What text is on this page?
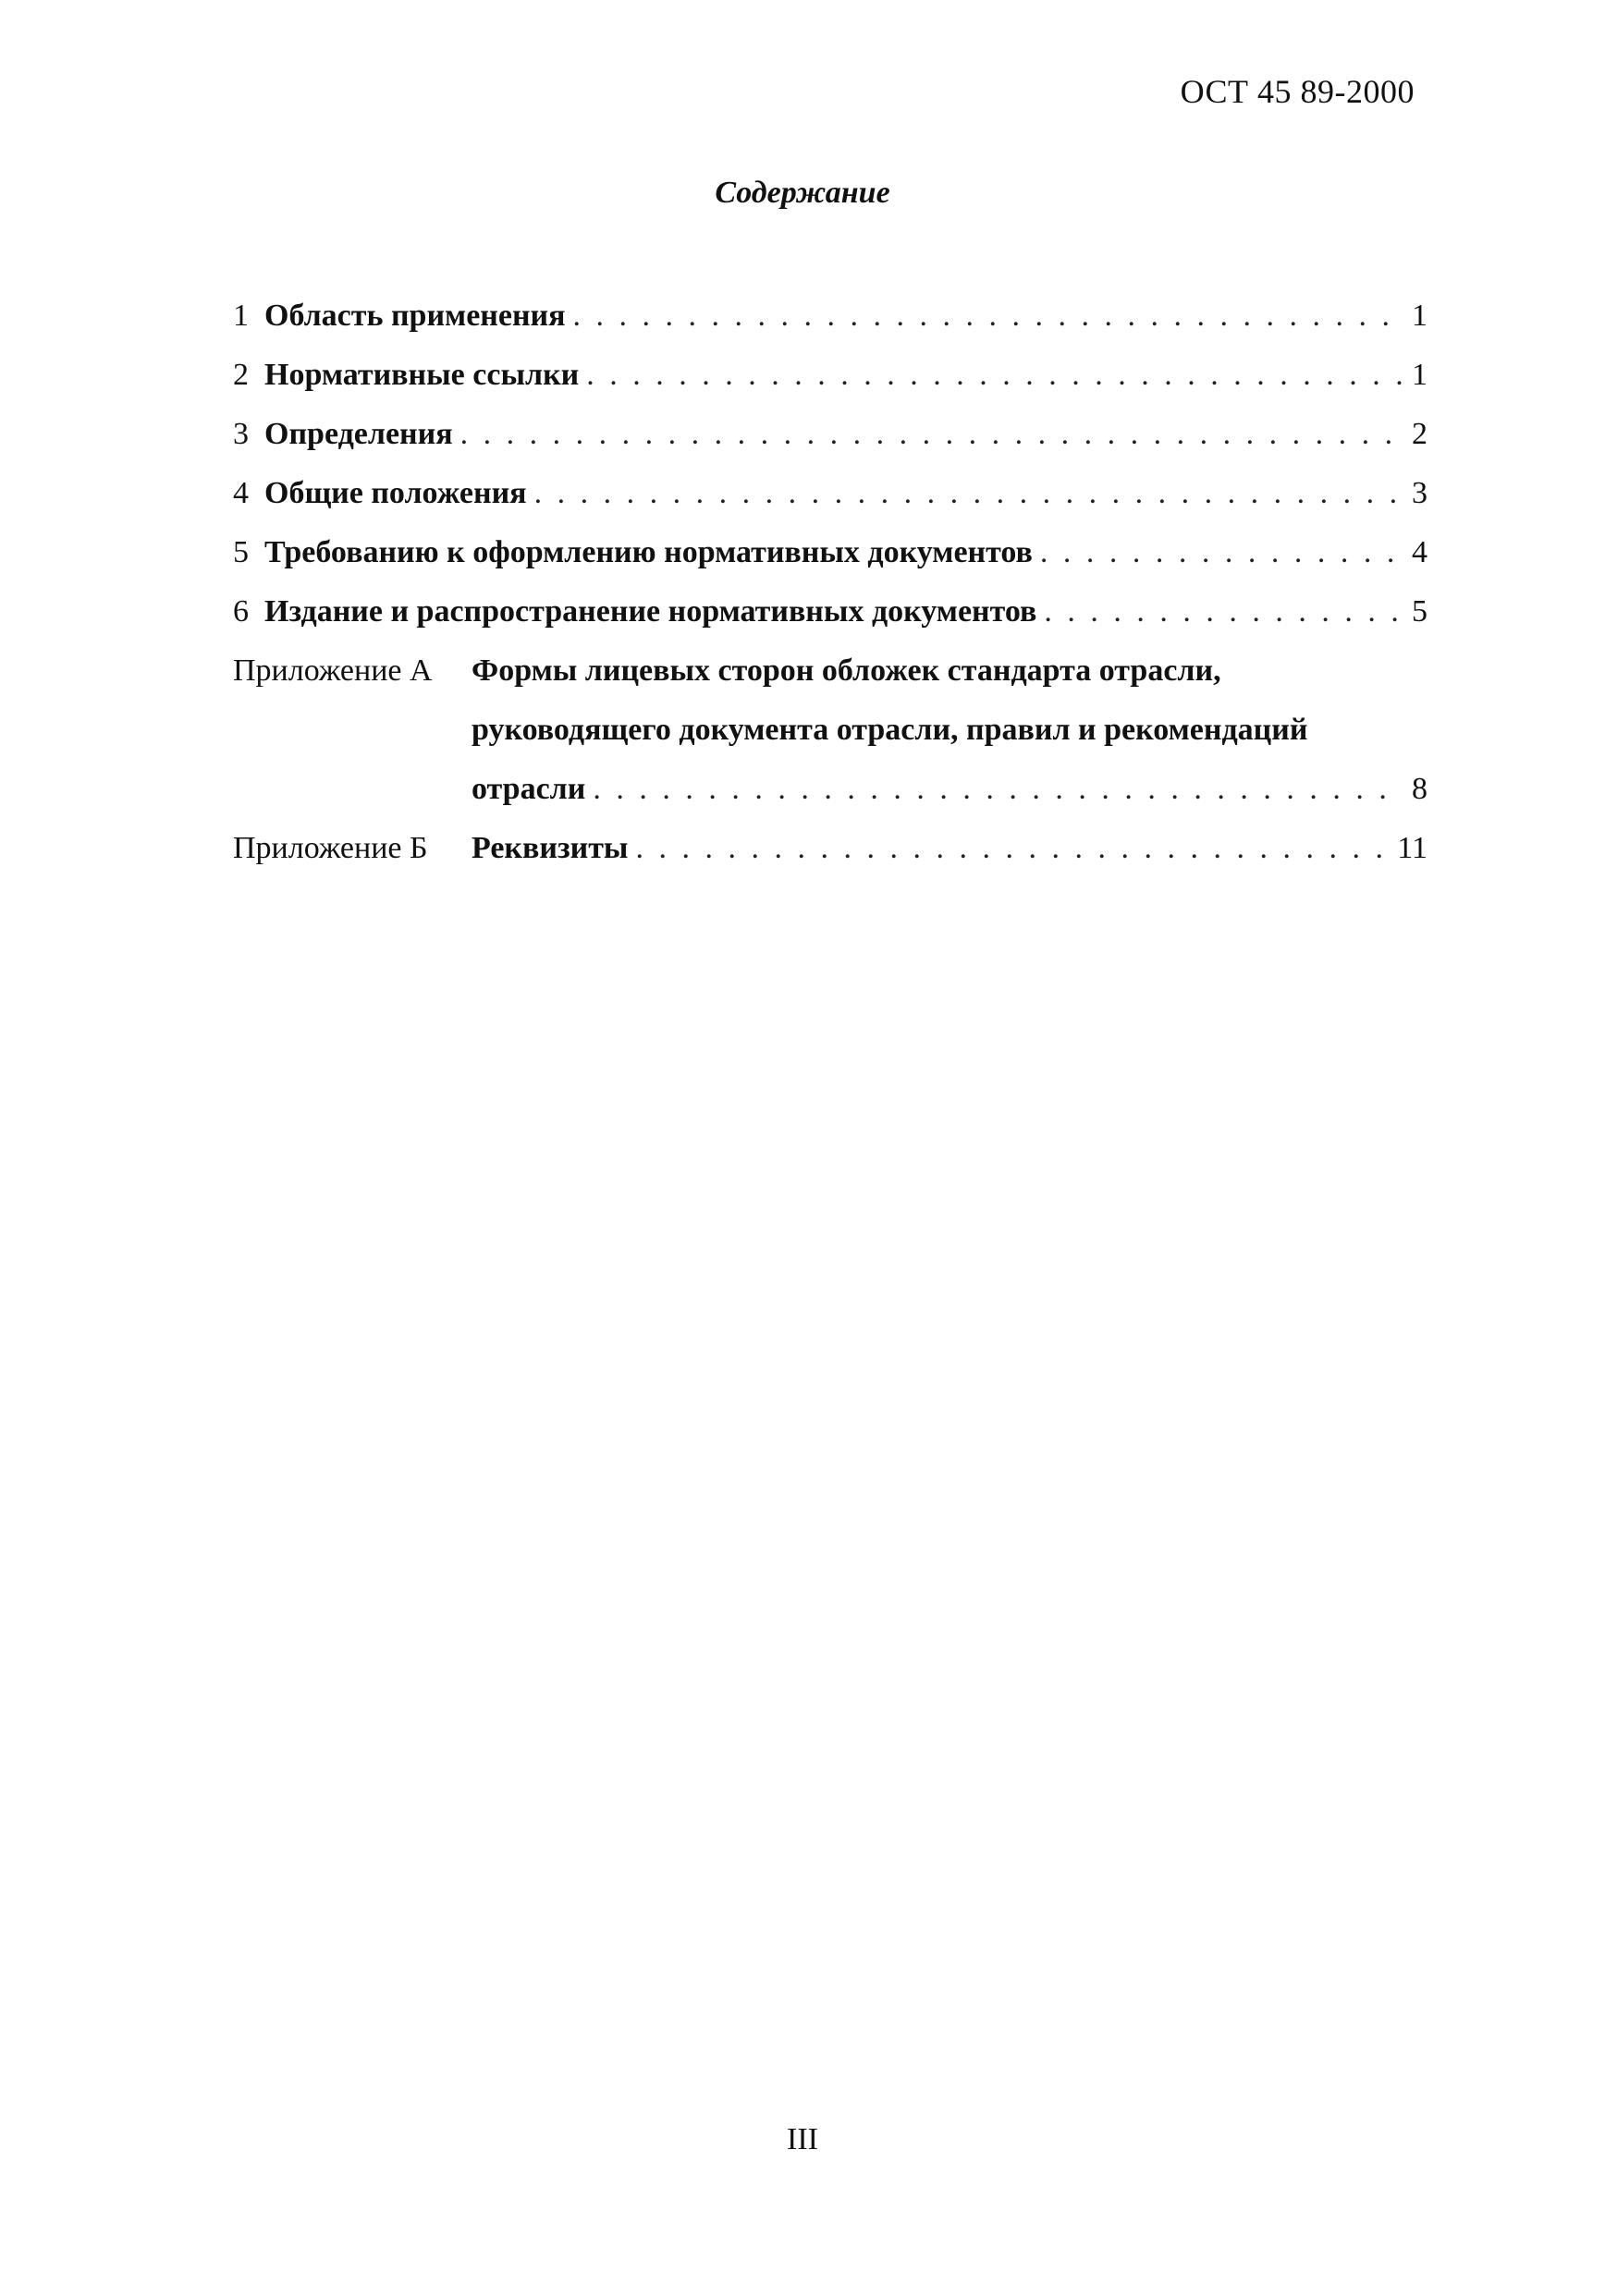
ОСТ 45 89-2000
Содержание
1 Область применения . . .	1
2 Нормативные ссылки . . .	1
3 Определения . . .	2
4 Общие положения . . .	3
5 Требованию к оформлению нормативных документов . . .	4
6 Издание и распространение нормативных документов . . .	5
Приложение А	Формы лицевых сторон обложек стандарта отрасли,
руководящего документа отрасли, правил и рекомендаций
отрасли . . .	8
Приложение Б	Реквизиты . . .	11
III
